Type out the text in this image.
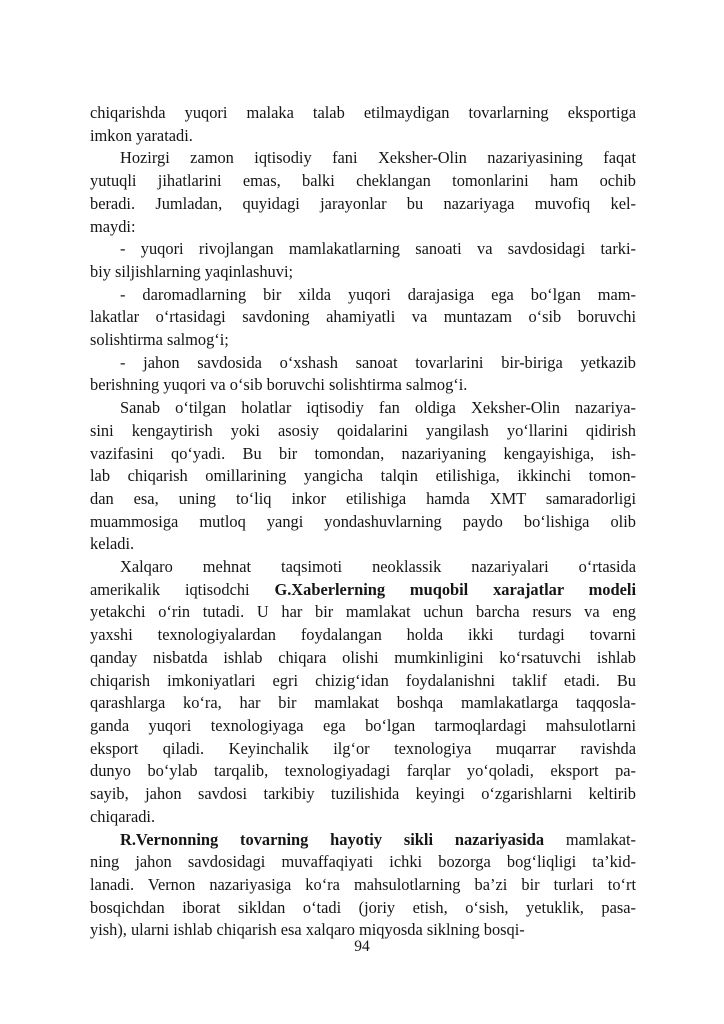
chiqarishda yuqori malaka talab etilmaydigan tovarlarning eksportiga
imkon yaratadi.
Hozirgi zamon iqtisodiy fani Xeksher-Olin nazariyasining faqat
yutuqli jihatlarini emas, balki cheklangan tomonlarini ham ochib
beradi. Jumladan, quyidagi jarayonlar bu nazariyaga muvofiq kel-
maydi:
- yuqori rivojlangan mamlakatlarning sanoati va savdosidagi tarki-
biy siljishlarning yaqinlashuvi;
- daromadlarning bir xilda yuqori darajasiga ega bo‘lgan mam-
lakatlar o‘rtasidagi savdoning ahamiyatli va muntazam o‘sib boruvchi
solishtirma salmog‘i;
- jahon savdosida o‘xshash sanoat tovarlarini bir-biriga yetkazib
berishning yuqori va o‘sib boruvchi solishtirma salmog‘i.
Sanab o‘tilgan holatlar iqtisodiy fan oldiga Xeksher-Olin nazariya-
sini kengaytirish yoki asosiy qoidalarini yangilash yo‘llarini qidirish
vazifasini qo‘yadi. Bu bir tomondan, nazariyaning kengayishiga, ish-
lab chiqarish omillarining yangicha talqin etilishiga, ikkinchi tomon-
dan esa, uning to‘liq inkor etilishiga hamda XMT samaradorligi
muammosiga mutloq yangi yondashuvlarning paydo bo‘lishiga olib
keladi.
Xalqaro mehnat taqsimoti neoklassik nazariyalari o‘rtasida
amerikalik iqtisodchi G.Xaberlerning muqobil xarajatlar modeli
yetakchi o‘rin tutadi. U har bir mamlakat uchun barcha resurs va eng
yaxshi texnologiyalardan foydalangan holda ikki turdagi tovarni
qanday nisbatda ishlab chiqara olishi mumkinligini ko‘rsatuvchi ishlab
chiqarish imkoniyatlari egri chizig‘idan foydalanishni taklif etadi. Bu
qarashlarga ko‘ra, har bir mamlakat boshqa mamlakatlarga taqqosla-
ganda yuqori texnologiyaga ega bo‘lgan tarmoqlardagi mahsulotlarni
eksport qiladi. Keyinchalik ilg‘or texnologiya muqarrar ravishda
dunyo bo‘ylab tarqalib, texnologiyadagi farqlar yo‘qoladi, eksport pa-
sayib, jahon savdosi tarkibiy tuzilishida keyingi o‘zgarishlarni keltirib
chiqaradi.
R.Vernonning tovarning hayotiy sikli nazariyasida mamlakat-
ning jahon savdosidagi muvaffaqiyati ichki bozorga bog‘liqligi ta’kid-
lanadi. Vernon nazariyasiga ko‘ra mahsulotlarning ba’zi bir turlari to‘rt
bosqichdan iborat sikldan o‘tadi (joriy etish, o‘sish, yetuklik, pasa-
yish), ularni ishlab chiqarish esa xalqaro miqyosda siklning bosqi-
94
